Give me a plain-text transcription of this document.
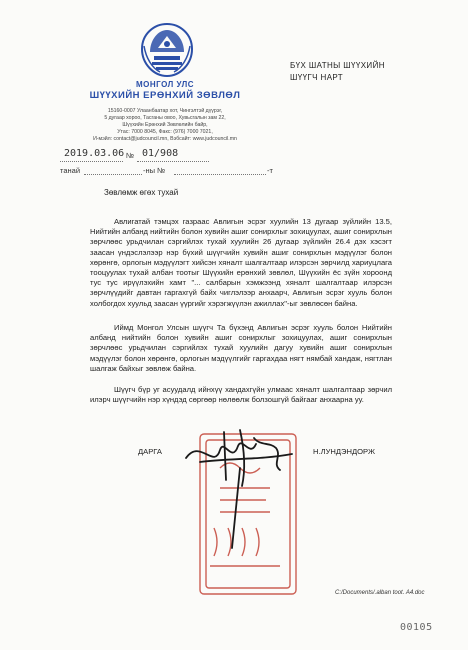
МОНГОЛ УЛС
ШҮҮХИЙН ЕРӨНХИЙ ЗӨВЛӨЛ
15160-0007 Улаанбаатар хот, Чингэлтэй дүүрэг,
5 дугаар хороо, Тасганы овоо, Хувьсгалын зам 22,
Шүүхийн Ерөнхий Зөвлөлийн байр,
Утас: 7000 8045, Факс: (976) 7000 7021,
И-мэйл: contact@judcouncil.mn, Вэбсайт: www.judcouncil.mn
2019.03.06 № 01/908
танай	-ны №	-т
БҮХ ШАТНЫ ШҮҮХИЙН
ШҮҮГЧ НАРТ
Зөвлөмж өгөх тухай
Авлигатай тэмцэх газраас Авлигын эсрэг хуулийн 13 дугаар зүйлийн 13.5, Нийтийн албанд нийтийн болон хувийн ашиг сонирхлыг зохицуулах, ашиг сонирхлын зөрчлөөс урьдчилан сэргийлэх тухай хуулийн 26 дугаар зүйлийн 26.4 дэх хэсэгт заасан үндэслэлээр нэр бүхий шүүгчийн хувийн ашиг сонирхлын мэдүүлэг болон хөрөнгө, орлогын мэдүүлэгт хийсэн хяналт шалгалтаар илэрсэн зөрчилд хариуцлага тооцуулах тухай албан тоотыг Шүүхийн ерөнхий зөвлөл, Шүүхийн ёс зүйн хороонд тус тус ирүүлэхийн хамт "... салбарын хэмжээнд хяналт шалгалтаар илэрсэн зөрчлүүдийг давтан гаргахгүй байх чиглэлээр анхаарч, Авлигын эсрэг хууль болон холбогдох хуульд заасан үүргийг хэрэгжүүлэн ажиллах"-ыг зөвлөсөн байна.
Иймд Монгол Улсын шүүгч Та бүхэнд Авлигын эсрэг хууль болон Нийтийн албанд нийтийн болон хувийн ашиг сонирхлыг зохицуулах, ашиг сонирхлын зөрчлөөс урьдчилан сэргийлэх тухай хуулийн дагуу хувийн ашиг сонирхлын мэдүүлэг болон хөрөнгө, орлогын мэдүүлгийг гаргахдаа нягт нямбай хандаж, нягтлан шалгаж байхыг зөвлөж байна.
Шүүгч бүр уг асуудалд ийнхүү хандахгүйн улмаас хяналт шалгалтаар зөрчил илэрч шүүгчийн нэр хүндэд сөргөөр нөлөөлж болзошгүй байгааг анхаарна уу.
ДАРГА	Н.ЛУНДЭНДОРЖ
C:/Documents/.alban toot. A4.doc
00105
